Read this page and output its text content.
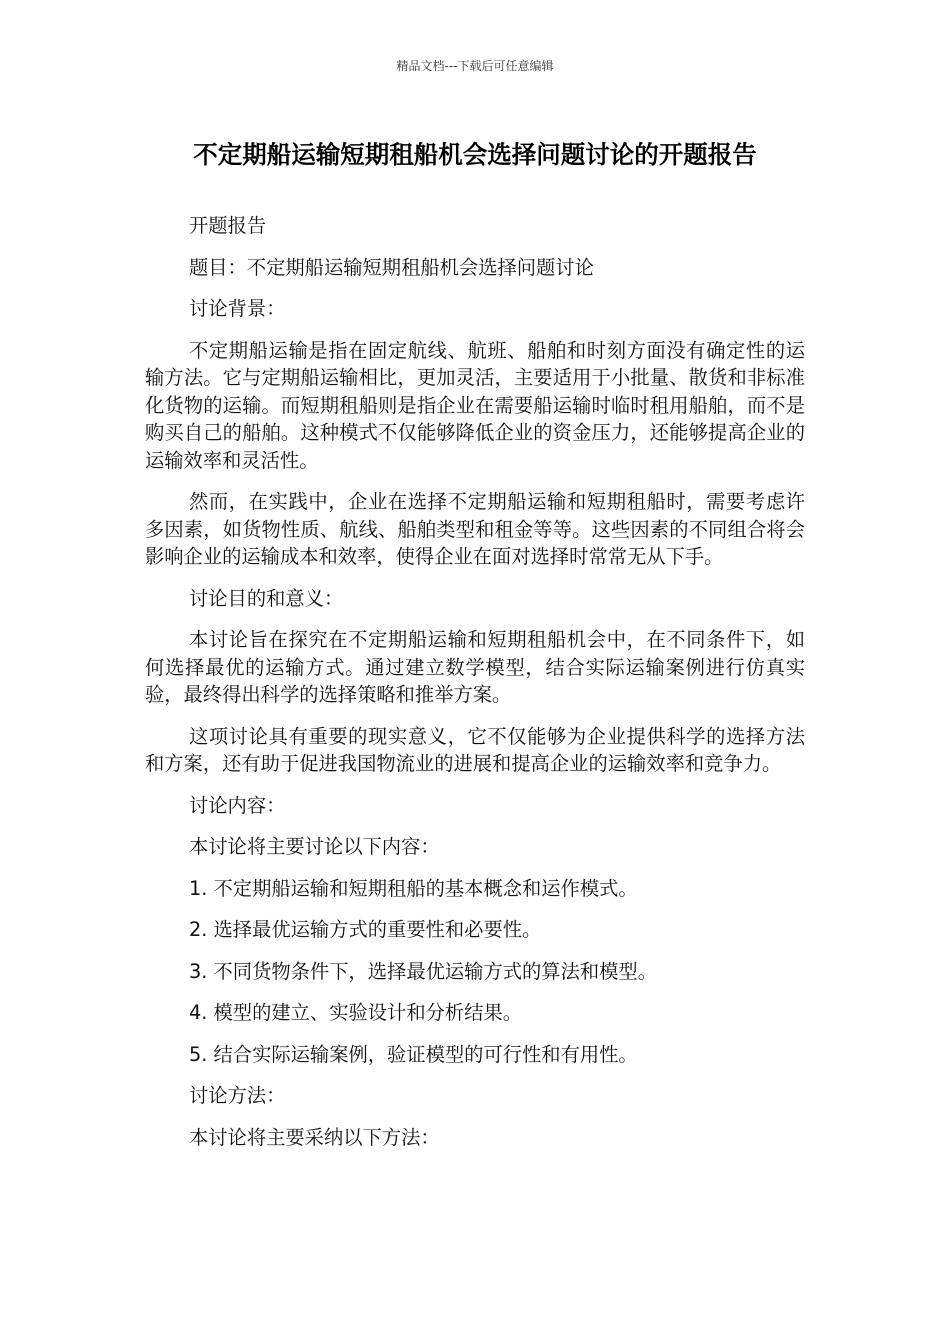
精品文档---下载后可任意编辑
不定期船运输短期租船机会选择问题讨论的开题报告

开题报告

题目：不定期船运输短期租船机会选择问题讨论

讨论背景：

不定期船运输是指在固定航线、航班、船舶和时刻方面没有确定性的运输方法。它与定期船运输相比，更加灵活，主要适用于小批量、散货和非标准化货物的运输。而短期租船则是指企业在需要船运输时临时租用船舶，而不是购买自己的船舶。这种模式不仅能够降低企业的资金压力，还能够提高企业的运输效率和灵活性。

然而，在实践中，企业在选择不定期船运输和短期租船时，需要考虑许多因素，如货物性质、航线、船舶类型和租金等等。这些因素的不同组合将会影响企业的运输成本和效率，使得企业在面对选择时常常无从下手。

讨论目的和意义：

本讨论旨在探究在不定期船运输和短期租船机会中，在不同条件下，如何选择最优的运输方式。通过建立数学模型，结合实际运输案例进行仿真实验，最终得出科学的选择策略和推举方案。

这项讨论具有重要的现实意义，它不仅能够为企业提供科学的选择方法和方案，还有助于促进我国物流业的进展和提高企业的运输效率和竞争力。

讨论内容：

本讨论将主要讨论以下内容：

1. 不定期船运输和短期租船的基本概念和运作模式。

2. 选择最优运输方式的重要性和必要性。

3. 不同货物条件下，选择最优运输方式的算法和模型。

4. 模型的建立、实验设计和分析结果。

5. 结合实际运输案例，验证模型的可行性和有用性。

讨论方法：

本讨论将主要采纳以下方法：
